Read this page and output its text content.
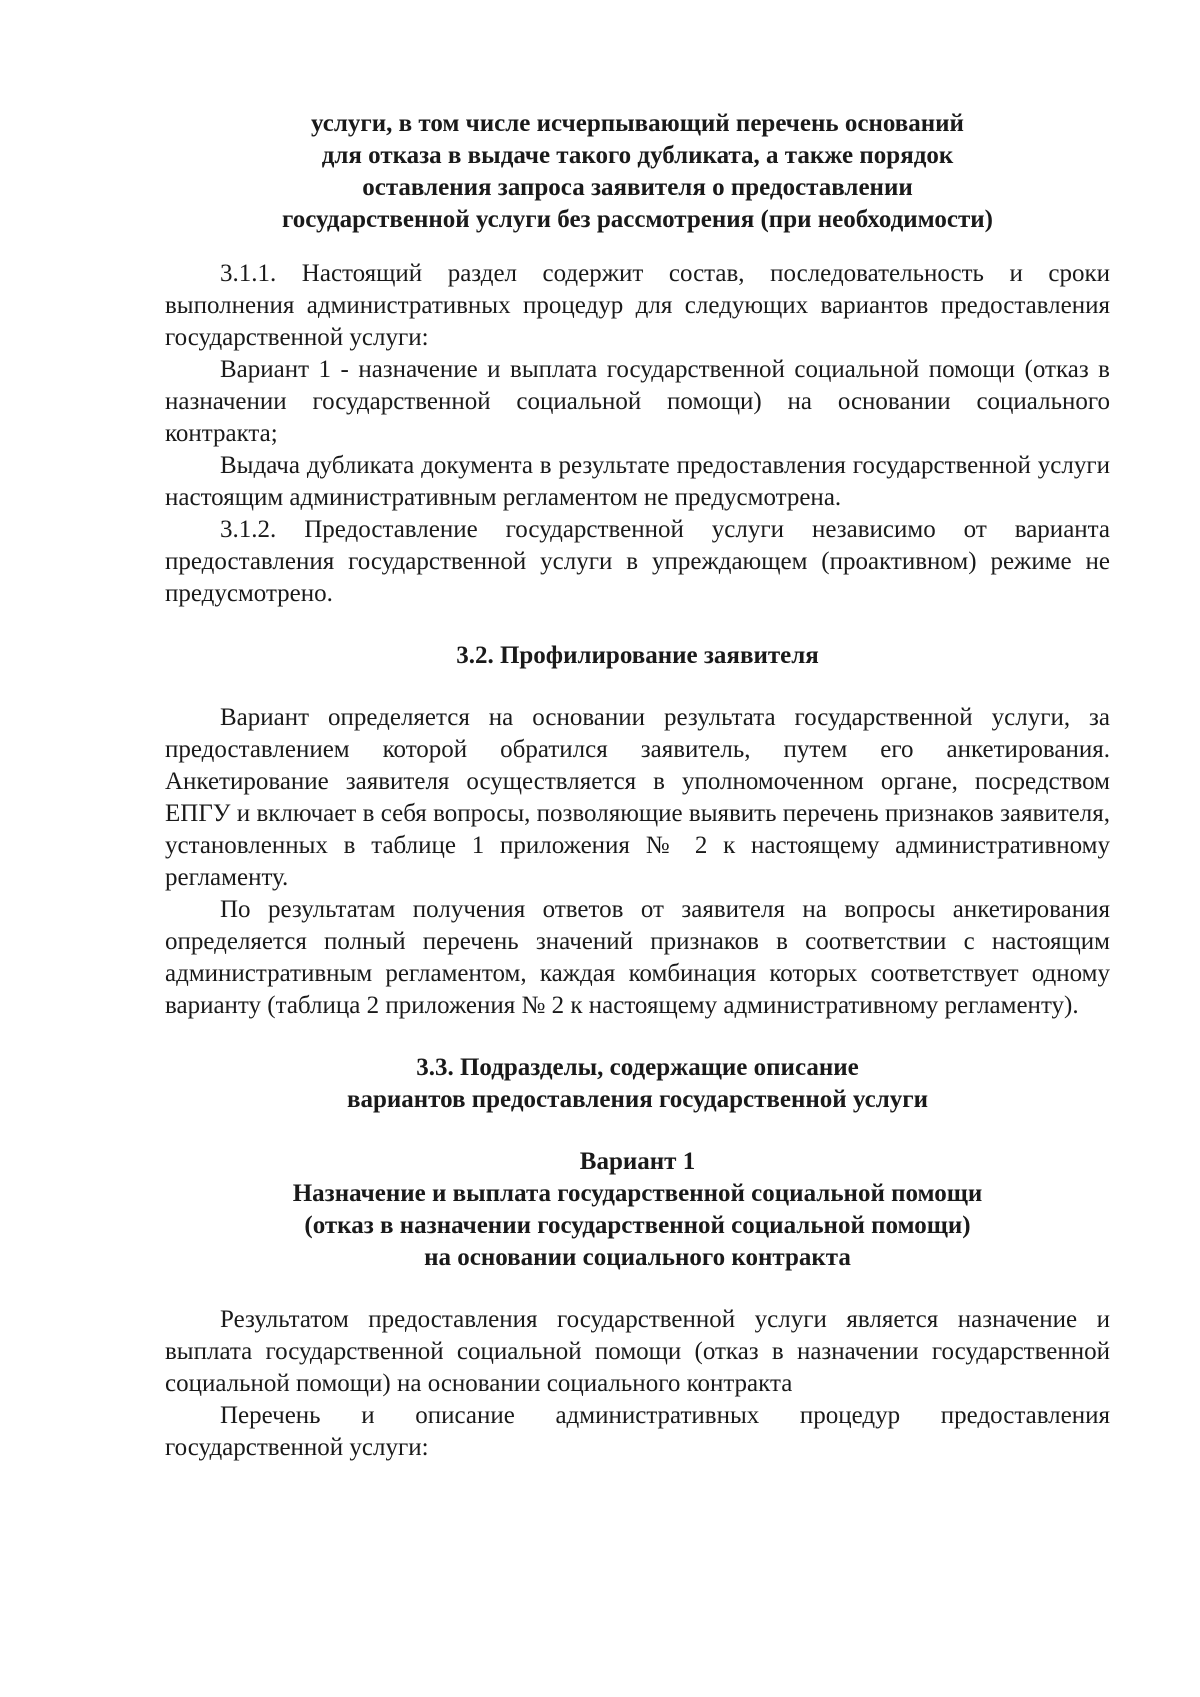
услуги, в том числе исчерпывающий перечень оснований

для отказа в выдаче такого дубликата, а также порядок

оставления запроса заявителя о предоставлении

государственной услуги без рассмотрения (при необходимости)

3.1.1. Настоящий раздел содержит состав, последовательность и сроки выполнения административных процедур для следующих вариантов предоставления государственной услуги:

Вариант 1 - назначение и выплата государственной социальной помощи (отказ в назначении государственной социальной помощи) на основании социального контракта;

Выдача дубликата документа в результате предоставления государственной услуги настоящим административным регламентом не предусмотрена.

3.1.2. Предоставление государственной услуги независимо от варианта предоставления государственной услуги в упреждающем (проактивном) режиме не предусмотрено.

3.2. Профилирование заявителя

Вариант определяется на основании результата государственной услуги, за предоставлением которой обратился заявитель, путем его анкетирования. Анкетирование заявителя осуществляется в уполномоченном органе, посредством ЕПГУ и включает в себя вопросы, позволяющие выявить перечень признаков заявителя, установленных в таблице 1 приложения № 2 к настоящему административному регламенту.

По результатам получения ответов от заявителя на вопросы анкетирования определяется полный перечень значений признаков в соответствии с настоящим административным регламентом, каждая комбинация которых соответствует одному варианту (таблица 2 приложения № 2 к настоящему административному регламенту).

3.3. Подразделы, содержащие описание

вариантов предоставления государственной услуги

Вариант 1

Назначение и выплата государственной социальной помощи

(отказ в назначении государственной социальной помощи)

на основании социального контракта

Результатом предоставления государственной услуги является назначение и выплата государственной социальной помощи (отказ в назначении государственной социальной помощи) на основании социального контракта

Перечень и описание административных процедур предоставления государственной услуги:
